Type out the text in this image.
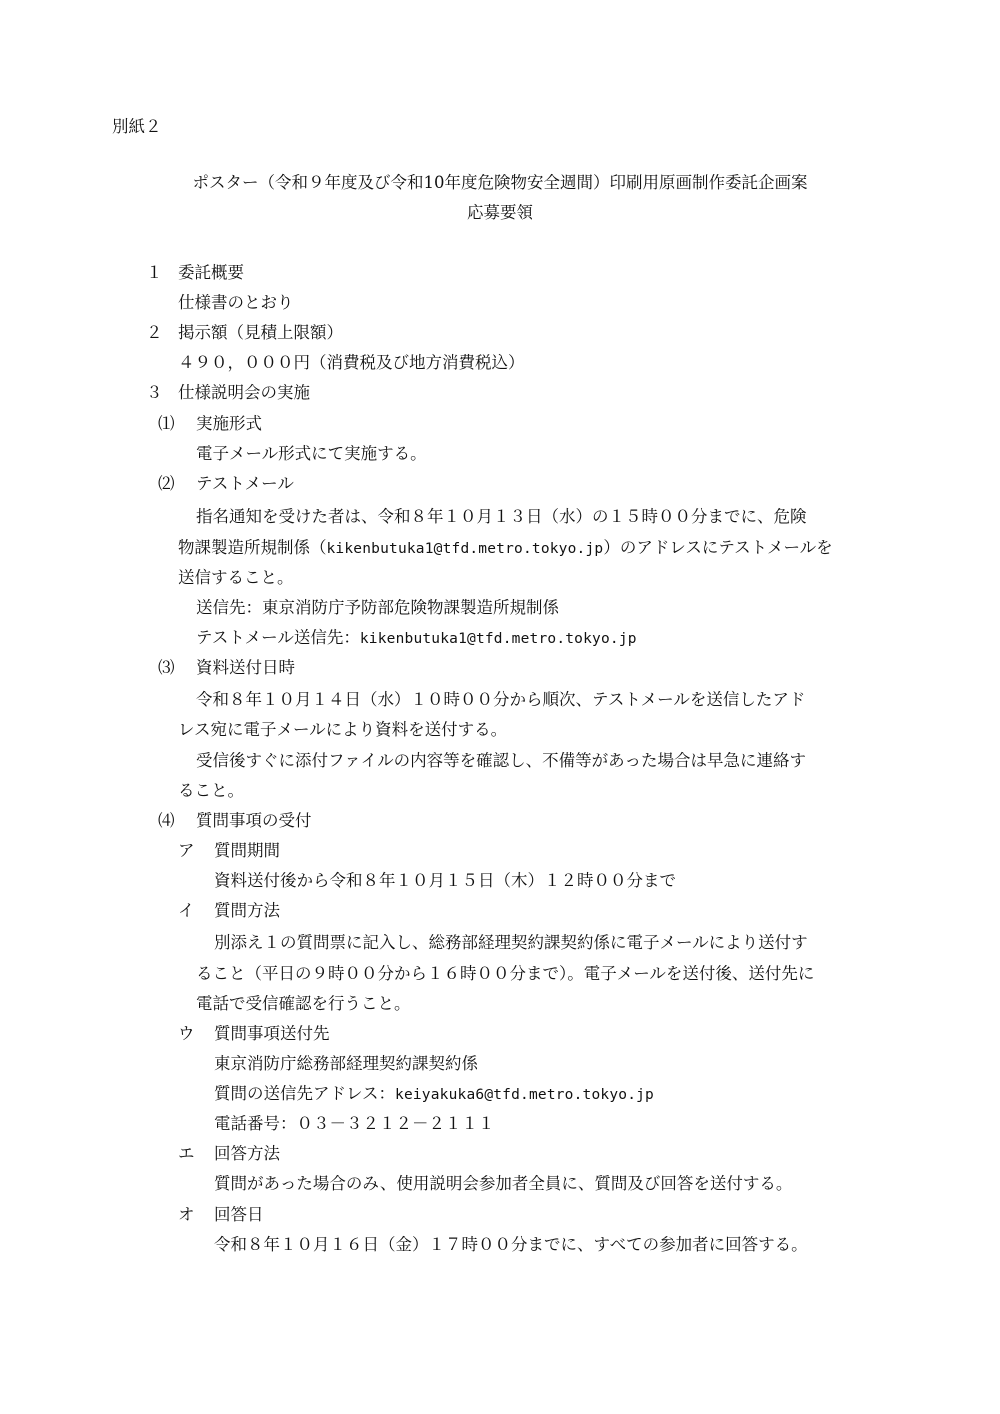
別紙２
ポスター（令和９年度及び令和10年度危険物安全週間）印刷用原画制作委託企画案
応募要領
１ 委託概要
仕様書のとおり
２ 掲示額（見積上限額）
４９０，０００円（消費税及び地方消費税込）
３ 仕様説明会の実施
⑴ 実施形式
電子メール形式にて実施する。
⑵ テストメール
指名通知を受けた者は、令和８年１０月１３日（水）の１５時００分までに、危険
物課製造所規制係（kikenbutuka1@tfd.metro.tokyo.jp）のアドレスにテストメールを
送信すること。
送信先：東京消防庁予防部危険物課製造所規制係
テストメール送信先：kikenbutuka1@tfd.metro.tokyo.jp
⑶ 資料送付日時
令和８年１０月１４日（水）１０時００分から順次、テストメールを送信したアド
レス宛に電子メールにより資料を送付する。
受信後すぐに添付ファイルの内容等を確認し、不備等があった場合は早急に連絡す
ること。
⑷ 質問事項の受付
ア 質問期間
資料送付後から令和８年１０月１５日（木）１２時００分まで
イ 質問方法
別添え１の質問票に記入し、総務部経理契約課契約係に電子メールにより送付す
ること（平日の９時００分から１６時００分まで）。電子メールを送付後、送付先に
電話で受信確認を行うこと。
ウ 質問事項送付先
東京消防庁総務部経理契約課契約係
質問の送信先アドレス：keiyakuka6@tfd.metro.tokyo.jp
電話番号：０３－３２１２－２１１１
エ 回答方法
質問があった場合のみ、使用説明会参加者全員に、質問及び回答を送付する。
オ 回答日
令和８年１０月１６日（金）１７時００分までに、すべての参加者に回答する。
